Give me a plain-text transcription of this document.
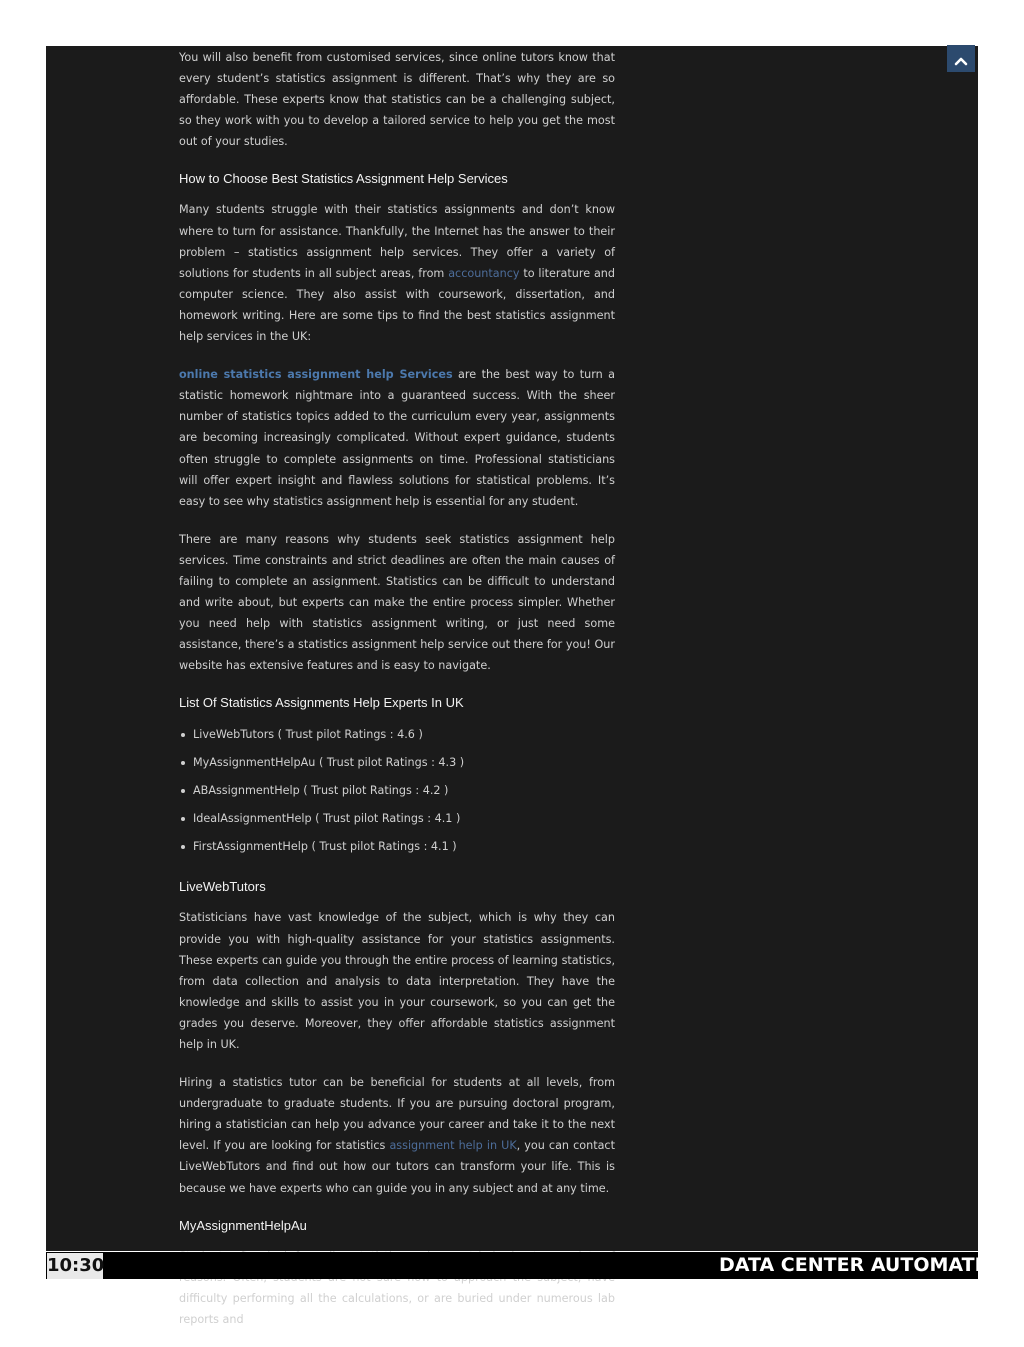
You will also benefit from customised services, since online tutors know that every student’s statistics assignment is different. That’s why they are so affordable. These experts know that statistics can be a challenging subject, so they work with you to develop a tailored service to help you get the most out of your studies.

How to Choose Best Statistics Assignment Help Services

Many students struggle with their statistics assignments and don’t know where to turn for assistance. Thankfully, the Internet has the answer to their problem – statistics assignment help services. They offer a variety of solutions for students in all subject areas, from accountancy to literature and computer science. They also assist with coursework, dissertation, and homework writing. Here are some tips to find the best statistics assignment help services in the UK:

online statistics assignment help Services are the best way to turn a statistic homework nightmare into a guaranteed success. With the sheer number of statistics topics added to the curriculum every year, assignments are becoming increasingly complicated. Without expert guidance, students often struggle to complete assignments on time. Professional statisticians will offer expert insight and flawless solutions for statistical problems. It’s easy to see why statistics assignment help is essential for any student.

There are many reasons why students seek statistics assignment help services. Time constraints and strict deadlines are often the main causes of failing to complete an assignment. Statistics can be difficult to understand and write about, but experts can make the entire process simpler. Whether you need help with statistics assignment writing, or just need some assistance, there’s a statistics assignment help service out there for you! Our website has extensive features and is easy to navigate.

List Of Statistics Assignments Help Experts In UK
LiveWebTutors ( Trust pilot Ratings : 4.6 )
MyAssignmentHelpAu ( Trust pilot Ratings : 4.3 )
ABAssignmentHelp ( Trust pilot Ratings : 4.2 )
IdealAssignmentHelp ( Trust pilot Ratings : 4.1 )
FirstAssignmentHelp ( Trust pilot Ratings : 4.1 )
LiveWebTutors

Statisticians have vast knowledge of the subject, which is why they can provide you with high-quality assistance for your statistics assignments. These experts can guide you through the entire process of learning statistics, from data collection and analysis to data interpretation. They have the knowledge and skills to assist you in your coursework, so you can get the grades you deserve. Moreover, they offer affordable statistics assignment help in UK.

Hiring a statistics tutor can be beneficial for students at all levels, from undergraduate to graduate students. If you are pursuing doctoral program, hiring a statistician can help you advance your career and take it to the next level. If you are looking for statistics assignment help in UK, you can contact LiveWebTutors and find out how our tutors can transform your life. This is because we have experts who can guide you in any subject and at any time.

MyAssignmentHelpAu

difficulty performing all the calculations, or are buried under numerous lab reports and

10:30	DATA CENTER AUTOMATION
